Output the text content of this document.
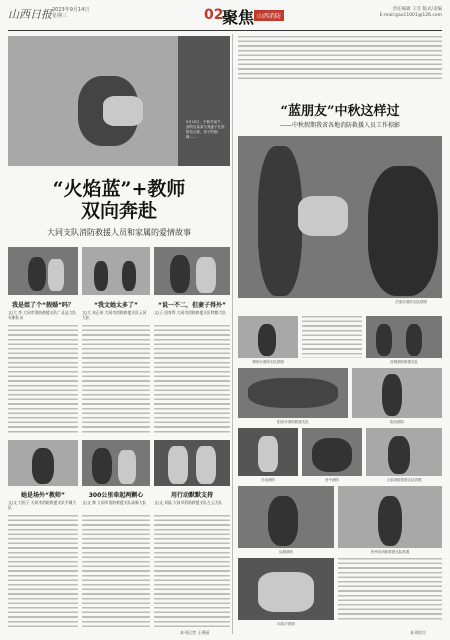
山西日报 2023年9月14日
星期三	02
聚焦 山西消防
责任编辑 王雪 版式/美编
E-mail:gao11001@126.com
9月10日，中秋节前夕，消防员某某与其妻子在消防站合影，孩子的姻缘……
“火焰蓝”+教师
双向奔赴
大同支队消防救援人员和家属的爱情故事
我是姐了个“假婚”吗？	“我文她太多了”	“说一不二，但妻子得外”
文/大 李 大同市消防救援支队广灵县大队专职队员
文/大 张正伟 大同市消防救援支队云冈大队
文/王 国寿得 大同市消防救援支队特勤大队
她是场外“教师”	300公里牵起两颗心	用行动默默支持
文/文 力恒子 大同市消防救援支队平城大队
文/文 黎 大同市消防救援支队高新大队	文/文 刘磊 大同市消防救援支队左云大队
本刊记者 王勇丽
“蓝朋友”中秋这样过
——中秋假期我省各地消防救援人员工作掠影
吕梁市消防支队供图
朔州市消防支队供图	晋城消防救援支队
阳泉市消防救援支队	临汾消防
长治消防	晋中消防	太原消防救援支队供图
运城消防	忻州市消防救援支队供图
向春平供图
本刊综合
